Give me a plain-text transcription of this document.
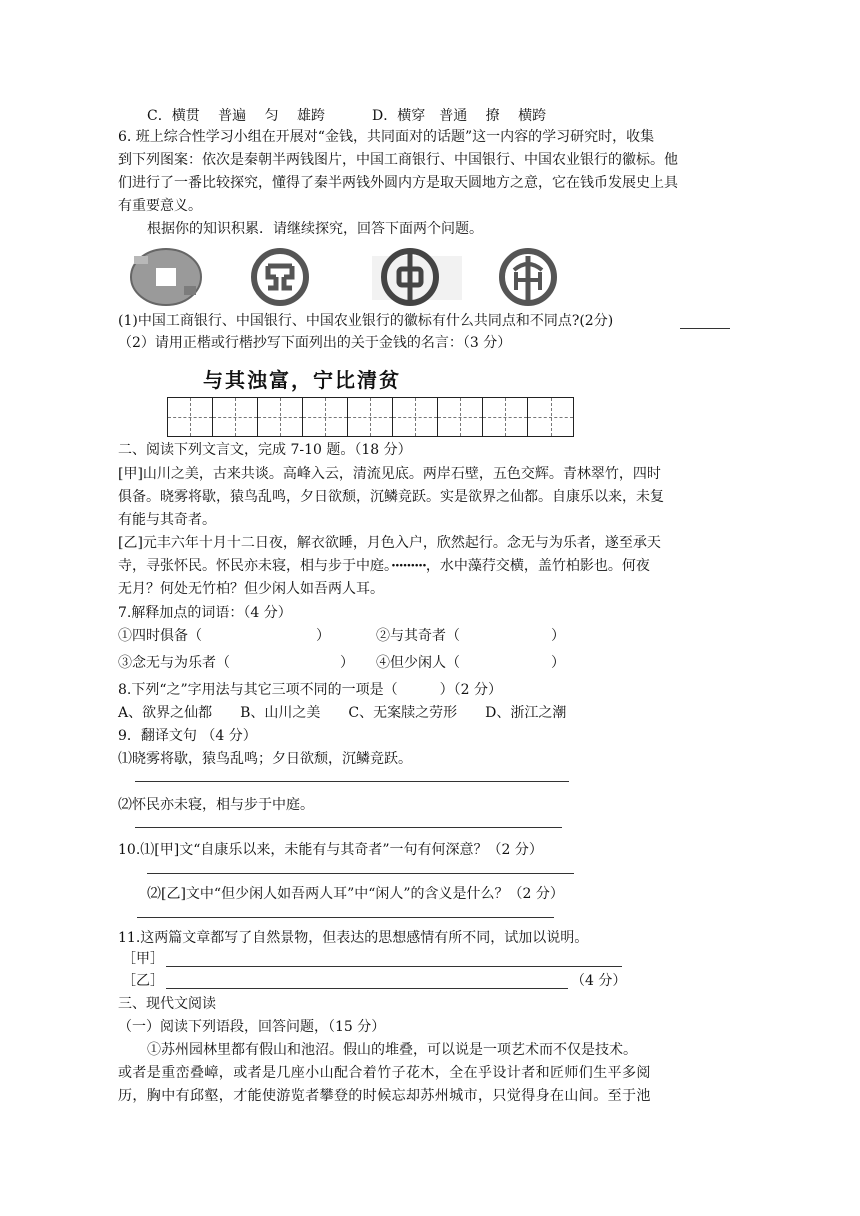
C．横贯　 普遍　 匀　 雄跨	D．横穿　普通　 撩　 横跨
6. 班上综合性学习小组在开展对“金钱，共同面对的话题”这一内容的学习研究时，收集
到下列图案：依次是秦朝半两钱图片，中国工商银行、中国银行、中国农业银行的徽标。他
们进行了一番比较探究，懂得了秦半两钱外圆内方是取天圆地方之意，它在钱币发展史上具
有重要意义。
根据你的知识积累．请继续探究，回答下面两个问题。
(1)中国工商银行、中国银行、中国农业银行的徽标有什么共同点和不同点?(2分)
（2）请用正楷或行楷抄写下面列出的关于金钱的名言：（3 分）
与其浊富，宁比清贫
二、阅读下列文言文，完成 7-10 题。（18 分）
[甲]山川之美，古来共谈。高峰入云，清流见底。两岸石壁，五色交辉。青林翠竹，四时
俱备。晓雾将歇，猿鸟乱鸣，夕日欲颓，沉鳞竞跃。实是欲界之仙都。自康乐以来，未复
有能与其奇者。
[乙]元丰六年十月十二日夜，解衣欲睡，月色入户，欣然起行。念无与为乐者，遂至承天
寺，寻张怀民。怀民亦未寝，相与步于中庭。·········，水中藻荇交横，盖竹柏影也。何夜
无月？何处无竹柏？但少闲人如吾两人耳。
7.解释加点的词语：（4 分）
①四时俱备（	）	②与其奇者（	）
③念无与为乐者（	） ④但少闲人（	）
8.下列“之”字用法与其它三项不同的一项是（　　　）（2 分）
A、欲界之仙都　　B、山川之美　　C、无案牍之劳形　　D、浙江之潮
9．翻译文句 （4 分）
⑴晓雾将歇，猿鸟乱鸣；夕日欲颓，沉鳞竞跃。
⑵怀民亦未寝，相与步于中庭。
10.⑴[甲]文“自康乐以来，未能有与其奇者”一句有何深意？（2 分）
⑵[乙]文中“但少闲人如吾两人耳”中“闲人”的含义是什么？（2 分）
11.这两篇文章都写了自然景物，但表达的思想感情有所不同，试加以说明。
［甲］
［乙］	（4 分）
三、现代文阅读
（一）阅读下列语段，回答问题，（15 分）
①苏州园林里都有假山和池沼。假山的堆叠，可以说是一项艺术而不仅是技术。
或者是重峦叠嶂，或者是几座小山配合着竹子花木，全在乎设计者和匠师们生平多阅
历，胸中有邱壑，才能使游览者攀登的时候忘却苏州城市，只觉得身在山间。至于池
